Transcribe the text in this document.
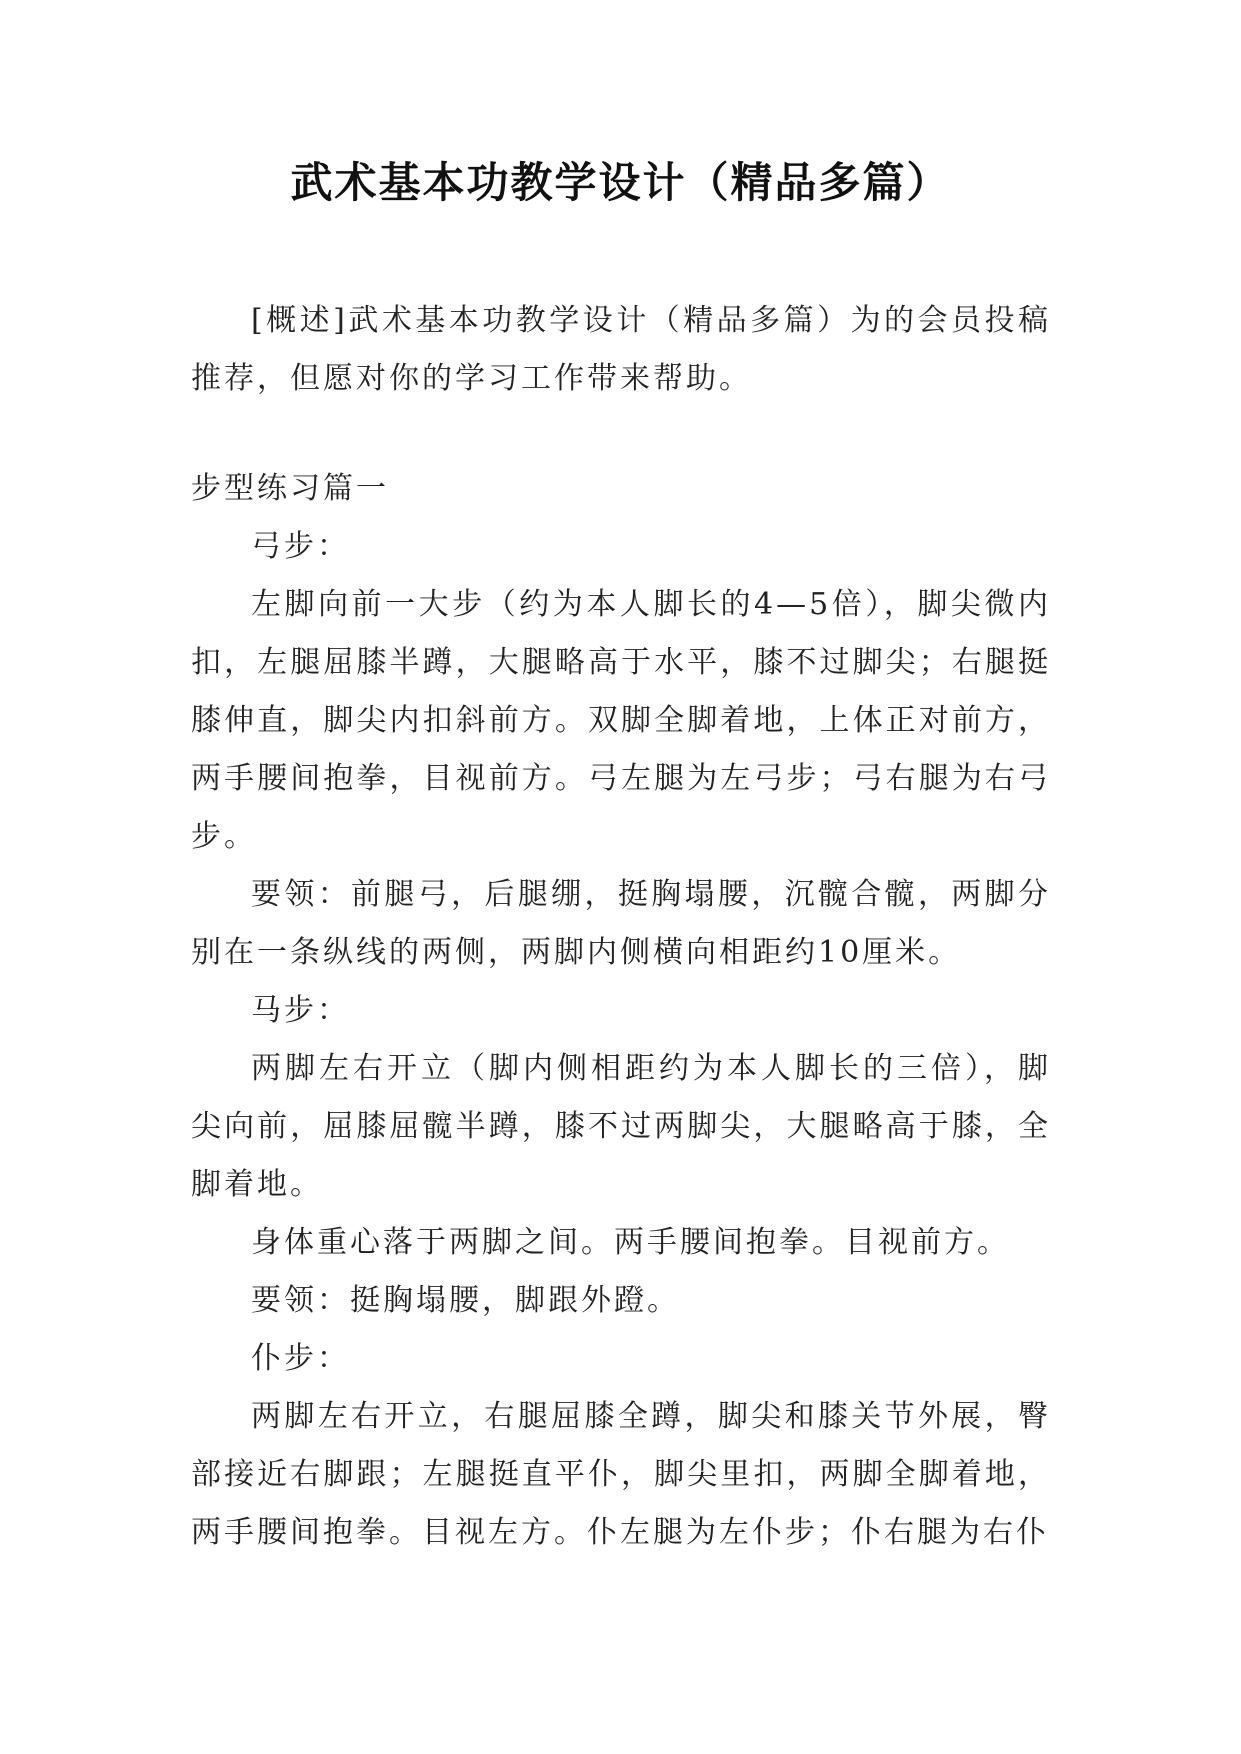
武术基本功教学设计（精品多篇）

[概述]武术基本功教学设计（精品多篇）为的会员投稿推荐，但愿对你的学习工作带来帮助。

步型练习篇一

弓步：

左脚向前一大步（约为本人脚长的4—5倍），脚尖微内扣，左腿屈膝半蹲，大腿略高于水平，膝不过脚尖；右腿挺膝伸直，脚尖内扣斜前方。双脚全脚着地，上体正对前方，两手腰间抱拳，目视前方。弓左腿为左弓步；弓右腿为右弓步。

要领：前腿弓，后腿绷，挺胸塌腰，沉髋合髋，两脚分别在一条纵线的两侧，两脚内侧横向相距约10厘米。

马步：

两脚左右开立（脚内侧相距约为本人脚长的三倍），脚尖向前，屈膝屈髋半蹲，膝不过两脚尖，大腿略高于膝，全脚着地。

身体重心落于两脚之间。两手腰间抱拳。目视前方。

要领：挺胸塌腰，脚跟外蹬。

仆步：

两脚左右开立，右腿屈膝全蹲，脚尖和膝关节外展，臀部接近右脚跟；左腿挺直平仆，脚尖里扣，两脚全脚着地，两手腰间抱拳。目视左方。仆左腿为左仆步；仆右腿为右仆
